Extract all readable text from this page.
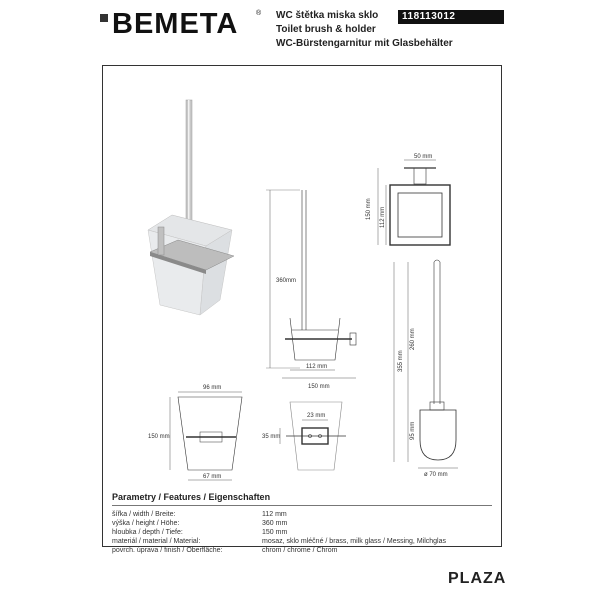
BEMETA	® WC štětka miska sklo
Toilet brush & holder
WC-Bürstengarnitur mit Glasbehälter
118113012
360mm
112 mm
150 mm
50 mm
150 mm 112 mm
355 mm
260 mm
95 mm
ø 70 mm
96 mm
150 mm
67 mm
23 mm
35 mm
Parametry / Features / Eigenschaften
šířka / width / Breite:	112 mm
výška / height / Höhe:	360 mm
hloubka / depth / Tiefe:	150 mm
materiál / material / Material:	mosaz, sklo mléčné / brass, milk glass / Messing, Milchglas
povrch. úprava / finish / Oberfläche:	chrom / chrome / Chrom
PLAZA
